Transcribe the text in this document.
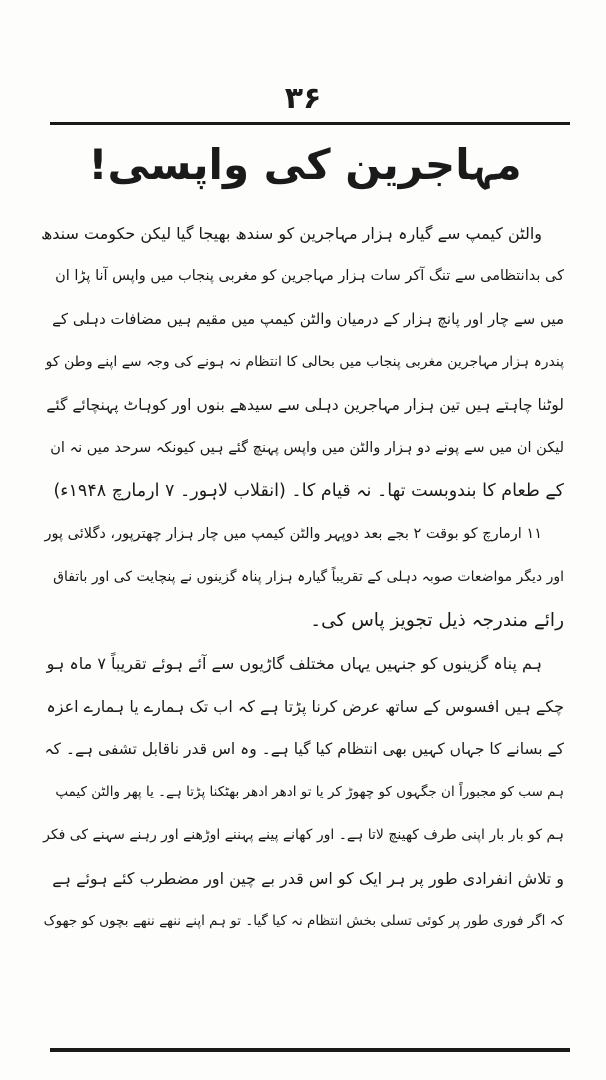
۳۶
مہاجرین کی واپسی!
والٹن کیمپ سے گیارہ ہزار مہاجرین کو سندھ بھیجا گیا لیکن حکومت سندھ
کی بدانتظامی سے تنگ آکر سات ہزار مہاجرین کو مغربی پنجاب میں واپس آنا پڑا ان
میں سے چار اور پانچ ہزار کے درمیان والٹن کیمپ میں مقیم ہیں مضافات دہلی کے
پندرہ ہزار مہاجرین مغربی پنجاب میں بحالی کا انتظام نہ ہونے کی وجہ سے اپنے وطن کو
لوٹنا چاہتے ہیں تین ہزار مہاجرین دہلی سے سیدھے بنوں اور کوہاٹ پہنچائے گئے
لیکن ان میں سے پونے دو ہزار والٹن میں واپس پہنچ گئے ہیں کیونکہ سرحد میں نہ ان
کے طعام کا بندوبست تھا۔ نہ قیام کا۔ (انقلاب لاہور۔ ۷ ارمارچ ۱۹۴۸ء)
۱۱ ارمارچ کو بوقت ۲ بجے بعد دوپہر والٹن کیمپ میں چار ہزار چھترپور، دگلائی پور
اور دیگر مواضعات صوبہ دہلی کے تقریباً گیارہ ہزار پناہ گزینوں نے پنچایت کی اور باتفاق
رائے مندرجہ ذیل تجویز پاس کی۔
ہم پناہ گزینوں کو جنہیں یہاں مختلف گاڑیوں سے آئے ہوئے تقریباً ۷ ماہ ہو
چکے ہیں افسوس کے ساتھ عرض کرنا پڑتا ہے کہ اب تک ہمارے یا ہمارے اعزہ
کے بسانے کا جہاں کہیں بھی انتظام کیا گیا ہے۔ وہ اس قدر ناقابل تشفی ہے۔ کہ
ہم سب کو مجبوراً ان جگہوں کو چھوڑ کر یا تو ادھر ادھر بھٹکنا پڑتا ہے۔ یا پھر والٹن کیمپ
ہم کو بار بار اپنی طرف کھینچ لاتا ہے۔ اور کھانے پینے پہننے اوڑھنے اور رہنے سہنے کی فکر
و تلاش انفرادی طور پر ہر ایک کو اس قدر بے چین اور مضطرب کئے ہوئے ہے
کہ اگر فوری طور پر کوئی تسلی بخش انتظام نہ کیا گیا۔ تو ہم اپنے ننھے ننھے بچوں کو جھوک
